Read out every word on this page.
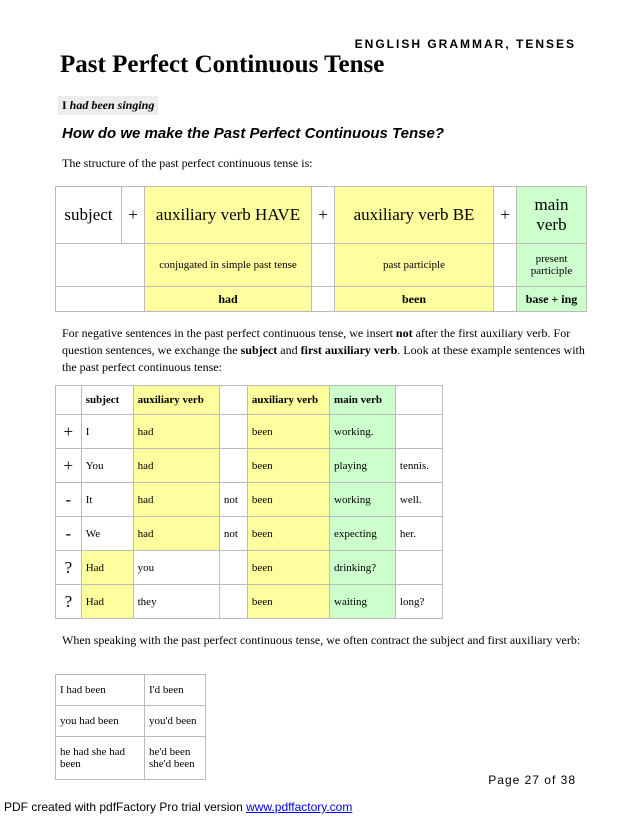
ENGLISH GRAMMAR, TENSES
Past Perfect Continuous Tense
I had been singing
How do we make the Past Perfect Continuous Tense?
The structure of the past perfect continuous tense is:
subject	+	auxiliary verb HAVE	+	auxiliary verb BE	+	main verb
		conjugated in simple past tense		past participle		present participle
		had		been		base + ing

For negative sentences in the past perfect continuous tense, we insert not after the first auxiliary verb. For question sentences, we exchange the subject and first auxiliary verb. Look at these example sentences with the past perfect continuous tense:

	subject	auxiliary verb		auxiliary verb	main verb	
+	I	had		been	working.	
+	You	had		been	playing	tennis.
-	It	had	not	been	working	well.
-	We	had	not	been	expecting	her.
?	Had	you		been	drinking?	
?	Had	they		been	waiting	long?

When speaking with the past perfect continuous tense, we often contract the subject and first auxiliary verb:

I had been	I'd been
you had been	you'd been
he had she had been	he'd been she'd been
Page 27 of 38
PDF created with pdfFactory Pro trial version www.pdffactory.com
